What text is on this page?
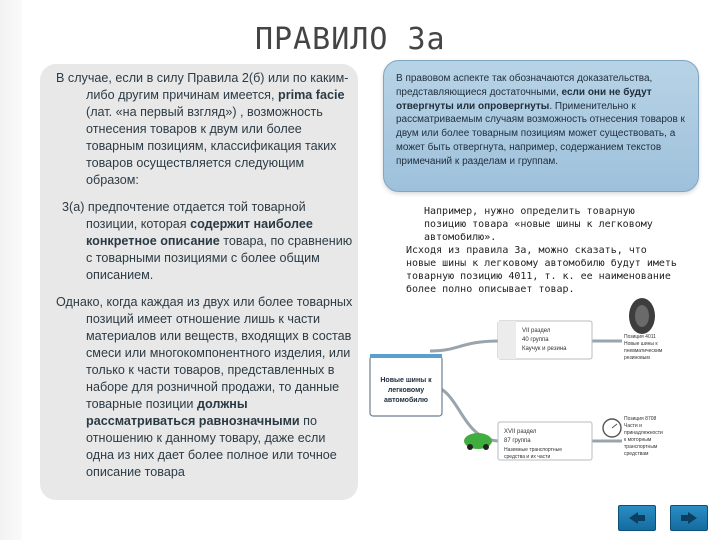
ПРАВИЛО 3а

В случае, если в силу Правила 2(б) или по каким-либо другим причинам имеется, prima facie (лат. «на первый взгляд») , возможность отнесения товаров к двум или более товарным позициям, классификация таких товаров осуществляется следующим образом:

3(а) предпочтение отдается той товарной позиции, которая содержит наиболее конкретное описание товара, по сравнению с товарными позициями с более общим описанием.

Однако, когда каждая из двух или более товарных позиций имеет отношение лишь к части материалов или веществ, входящих в состав смеси или многокомпонентного изделия, или только к части товаров, представленных в наборе для розничной продажи, то данные товарные позиции должны рассматриваться равнозначными по отношению к данному товару, даже если одна из них дает более полное или точное описание товара

В правовом аспекте так обозначаются доказательства, представляющиеся достаточными, если они не будут отвергнуты или опровергнуты. Применительно к рассматриваемым случаям возможность отнесения товаров к двум или более товарным позициям может существовать, а может быть отвергнута, например, содержанием текстов примечаний к разделам и группам.

Например, нужно определить товарную позицию товара «новые шины к легковому автомобилю».

Исходя из правила 3а, можно сказать, что новые шины к легковому автомобилю будут иметь товарную позицию 4011, т. к. ее наименование более полно описывает товар.

Новые шины к
легковому
автомобилю
VII раздел
40 группа
Каучук и резина
Позиция 4011
Новые шины к
пневматическим
резиновым
XVII раздел
87 группа
Наземные транспортные
средства и их части
Позиция 8708
Части и
принадлежности
к моторным
транспортным
средствам
